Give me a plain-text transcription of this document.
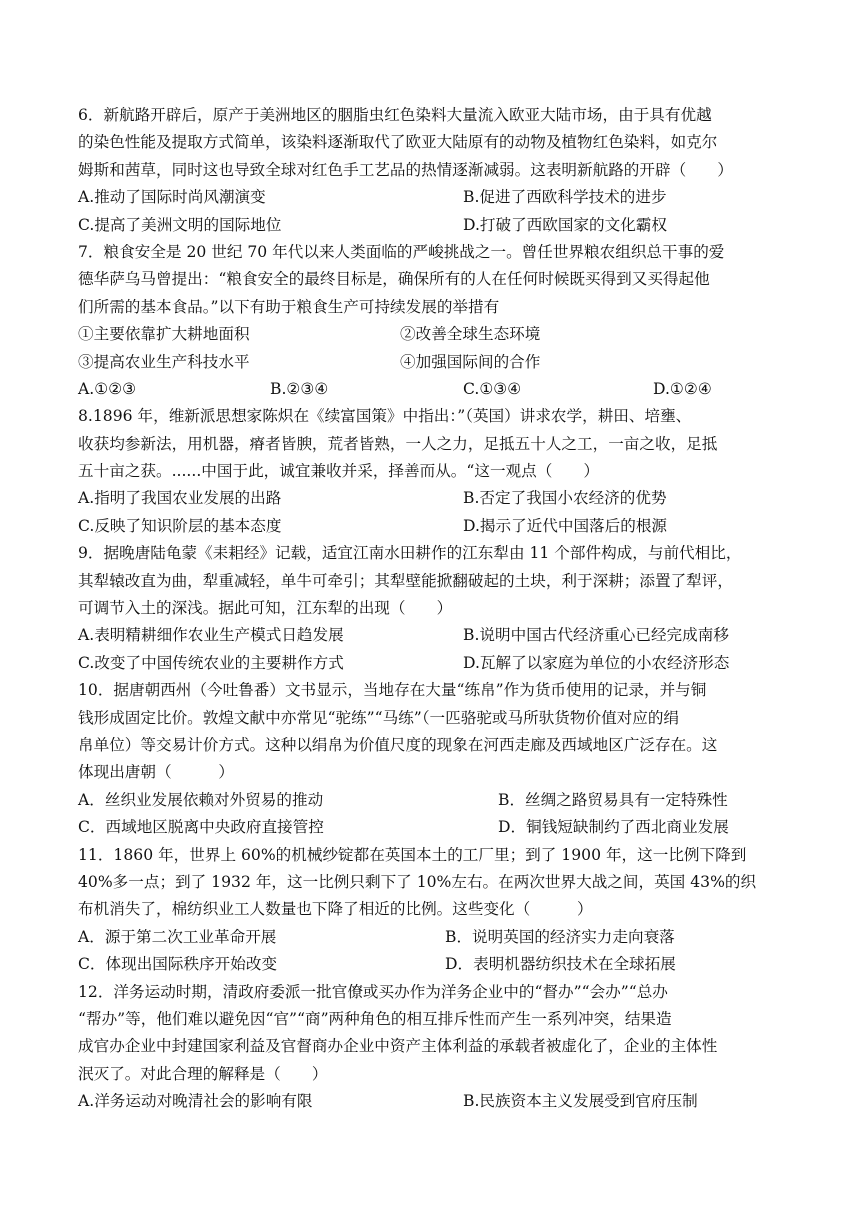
6．新航路开辟后，原产于美洲地区的胭脂虫红色染料大量流入欧亚大陆市场，由于具有优越
的染色性能及提取方式简单，该染料逐渐取代了欧亚大陆原有的动物及植物红色染料，如克尔
姆斯和茜草，同时这也导致全球对红色手工艺品的热情逐渐减弱。这表明新航路的开辟（　　）
A.推动了国际时尚风潮演变	B.促进了西欧科学技术的进步
C.提高了美洲文明的国际地位	D.打破了西欧国家的文化霸权
7．粮食安全是 20 世纪 70 年代以来人类面临的严峻挑战之一。曾任世界粮农组织总干事的爱
德华萨乌马曾提出：“粮食安全的最终目标是，确保所有的人在任何时候既买得到又买得起他
们所需的基本食品。”以下有助于粮食生产可持续发展的举措有
①主要依靠扩大耕地面积	②改善全球生态环境
③提高农业生产科技水平	④加强国际间的合作
A.①②③	B.②③④	C.①③④	D.①②④
8.1896 年，维新派思想家陈炽在《续富国策》中指出：”（英国）讲求农学，耕田、培壅、
收获均参新法，用机器，瘠者皆腴，荒者皆熟，一人之力，足抵五十人之工，一亩之收，足抵
五十亩之获。......中国于此，诚宜兼收并采，择善而从。“这一观点（　　）
A.指明了我国农业发展的出路	B.否定了我国小农经济的优势
C.反映了知识阶层的基本态度	D.揭示了近代中国落后的根源
9．据晚唐陆龟蒙《耒耜经》记载，适宜江南水田耕作的江东犁由 11 个部件构成，与前代相比，
其犁辕改直为曲，犁重减轻，单牛可牵引；其犁壁能掀翻破起的土块，利于深耕；添置了犁评，
可调节入土的深浅。据此可知，江东犁的出现（　　）
A.表明精耕细作农业生产模式日趋发展	B.说明中国古代经济重心已经完成南移
C.改变了中国传统农业的主要耕作方式	D.瓦解了以家庭为单位的小农经济形态
10．据唐朝西州（今吐鲁番）文书显示，当地存在大量“练帛”作为货币使用的记录，并与铜
钱形成固定比价。敦煌文献中亦常见“驼练”“马练”（一匹骆驼或马所驮货物价值对应的绢
帛单位）等交易计价方式。这种以绢帛为价值尺度的现象在河西走廊及西域地区广泛存在。这
体现出唐朝（　　　）
A．丝织业发展依赖对外贸易的推动	B．丝绸之路贸易具有一定特殊性
C．西域地区脱离中央政府直接管控	D．铜钱短缺制约了西北商业发展
11．1860 年，世界上 60%的机械纱锭都在英国本土的工厂里；到了 1900 年，这一比例下降到
40%多一点；到了 1932 年，这一比例只剩下了 10%左右。在两次世界大战之间，英国 43%的织
布机消失了，棉纺织业工人数量也下降了相近的比例。这些变化（　　　）
A．源于第二次工业革命开展	B．说明英国的经济实力走向衰落
C．体现出国际秩序开始改变	D．表明机器纺织技术在全球拓展
12．洋务运动时期，清政府委派一批官僚或买办作为洋务企业中的“督办”“会办”“总办
“帮办”等，他们难以避免因“官”“商”两种角色的相互排斥性而产生一系列冲突，结果造
成官办企业中封建国家利益及官督商办企业中资产主体利益的承载者被虚化了，企业的主体性
泯灭了。对此合理的解释是（　　）
A.洋务运动对晚清社会的影响有限	B.民族资本主义发展受到官府压制
